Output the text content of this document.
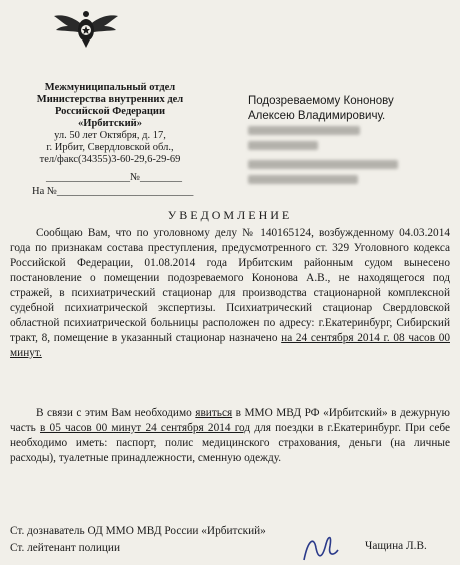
Межмуниципальный отдел
Министерства внутренних дел
Российской Федерации
«Ирбитский»
ул. 50 лет Октября, д. 17,
г. Ирбит, Свердловской обл.,
тел/факс(34355)3-60-29,6-29-69
________________№________
На №__________________________
Подозреваемому Кононову
Алексею Владимировичу.
УВЕДОМЛЕНИЕ
Сообщаю Вам, что по уголовному делу № 140165124, возбужденному 04.03.2014 года по признакам состава преступления, предусмотренного ст. 329 Уголовного кодекса Российской Федерации, 01.08.2014 года Ирбитским районным судом вынесено постановление о помещении подозреваемого Кононова А.В., не находящегося под стражей, в психиатрический стационар для производства стационарной комплексной судебной психиатрической экспертизы. Психиатрический стационар Свердловской областной психиатрической больницы расположен по адресу: г.Екатеринбург, Сибирский тракт, 8, помещение в указанный стационар назначено на 24 сентября 2014 г. 08 часов 00 минут.
В связи с этим Вам необходимо явиться в ММО МВД РФ «Ирбитский» в дежурную часть в 05 часов 00 минут 24 сентября 2014 год для поездки в г.Екатеринбург. При себе необходимо иметь: паспорт, полис медицинского страхования, деньги (на личные расходы), туалетные принадлежности, сменную одежду.
Ст. дознаватель ОД ММО МВД России «Ирбитский»
Ст. лейтенант полиции	Чащина Л.В.
